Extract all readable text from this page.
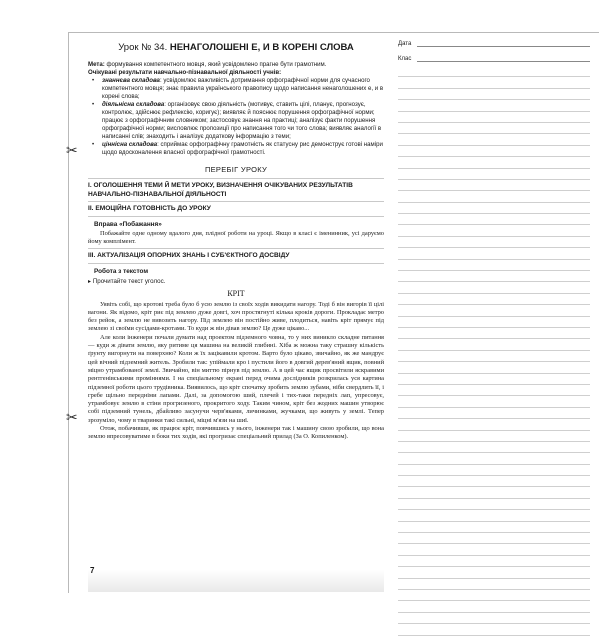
✂
✂
Урок № 34. НЕНАГОЛОШЕНІ Е, И В КОРЕНІ СЛОВА

Мета: формування компетентного мовця, який усвідомлено прагне бути грамотним.

Очікувані результати навчально-пізнавальної діяльності учнів:

• знаннєва складова: усвідомлює важливість дотримання орфографічної норми для сучасного компетентного мовця; знає правила українського правопису щодо написання ненаголошених е, и в корені слова;
• діяльнісна складова: організовує свою діяльність (мотивує, ставить цілі, планує, прогнозує, контролює, здійснює рефлексію, коригує); виявляє й пояснює порушення орфографічної норми; працює з орфографічним словником; застосовує знання на практиці; аналізує факти порушення орфографічної норми; висловлює пропозиції про написання того чи того слова; виявляє аналогії в написанні слів; знаходить і аналізує додаткову інформацію з теми;
• ціннісна складова: сприймає орфографічну грамотність як статусну рис демонструє готові наміри щодо вдосконалення власної орфографічної грамотності.
ПЕРЕБІГ УРОКУ
І. ОГОЛОШЕННЯ ТЕМИ Й МЕТИ УРОКУ, ВИЗНАЧЕННЯ ОЧІКУВАНИХ РЕЗУЛЬТАТІВ НАВЧАЛЬНО-ПІЗНАВАЛЬНОЇ ДІЯЛЬНОСТІ
ІІ. ЕМОЦІЙНА ГОТОВНІСТЬ ДО УРОКУ
Вправа «Побажання»

Побажайте одне одному вдалого дня, плідної роботи на уроці. Якщо в класі є іменинник, усі даруємо йому комплімент.

ІІІ. АКТУАЛІЗАЦІЯ ОПОРНИХ ЗНАНЬ І СУБ'ЄКТНОГО ДОСВІДУ
Робота з текстом
▸ Прочитайте текст уголос.
КРІТ

Уявіть собі, що кротові треба було б усю землю із своїх ходів викидати нагору. Тоді б він вигорів її цілі вагони. Як відомо, кріт риє під землею дуже довгі, хоч простягнуті кілька кроків дороги. Прокладає метро без рейок, а землю не вивозить нагору. Під землею він постійно живе, плодиться, навіть кріт прямує під землею зі своїми сусідами-кротами. То куди ж він дівав землю? Це дуже цікаво...

Але коли інженери почали думати над проектом підземного човна, то у них виникло складне питання — куди ж дівати землю, яку ритиме ця машина на великій глибині. Хіба ж можна таку страшну кількість ґрунту вигорнути на поверхню? Коли ж їх зацікавили кротом. Варто було цікаво, звичайно, як же мандрує цей вічний підземний житель. Зробили так: упіймали кро і пустили його в довгий дерев'яний ящик, повний міцно утрамбованої землі. Звичайно, він миттю пірнув під землю. А в цей час ящик просвітили яскравими рентгенівськими проміннями. І на спеціальному екрані перед очима дослідників розкрилась уся картина підземної роботи цього трудівника. Виявилось, що кріт спочатку зробить землю зубами, ніби свердлить її, і гребе щільно передніми лапами. Далі, за допомогою ший, плечей і тих-таки передніх лап, упресовує, утрамбовує землю в стіни прогризеного, прокритого ходу. Таким чином, кріт без жодних машин утворює собі підземний тунель, дбайливо засунучи черв'яками, личинками, жучками, що живуть у землі. Тепер зрозуміло, чому в тваринки такі сильні, міцні м'язи на шиї.

Отож, побачивши, як працює кріт, повчившись у нього, інженери так і машину свою зробили, що вона землю впресовуватиме в боки тих ходів, які прогризає спеціальний прилад (За О. Копиленком).

Дата
Клас
7
